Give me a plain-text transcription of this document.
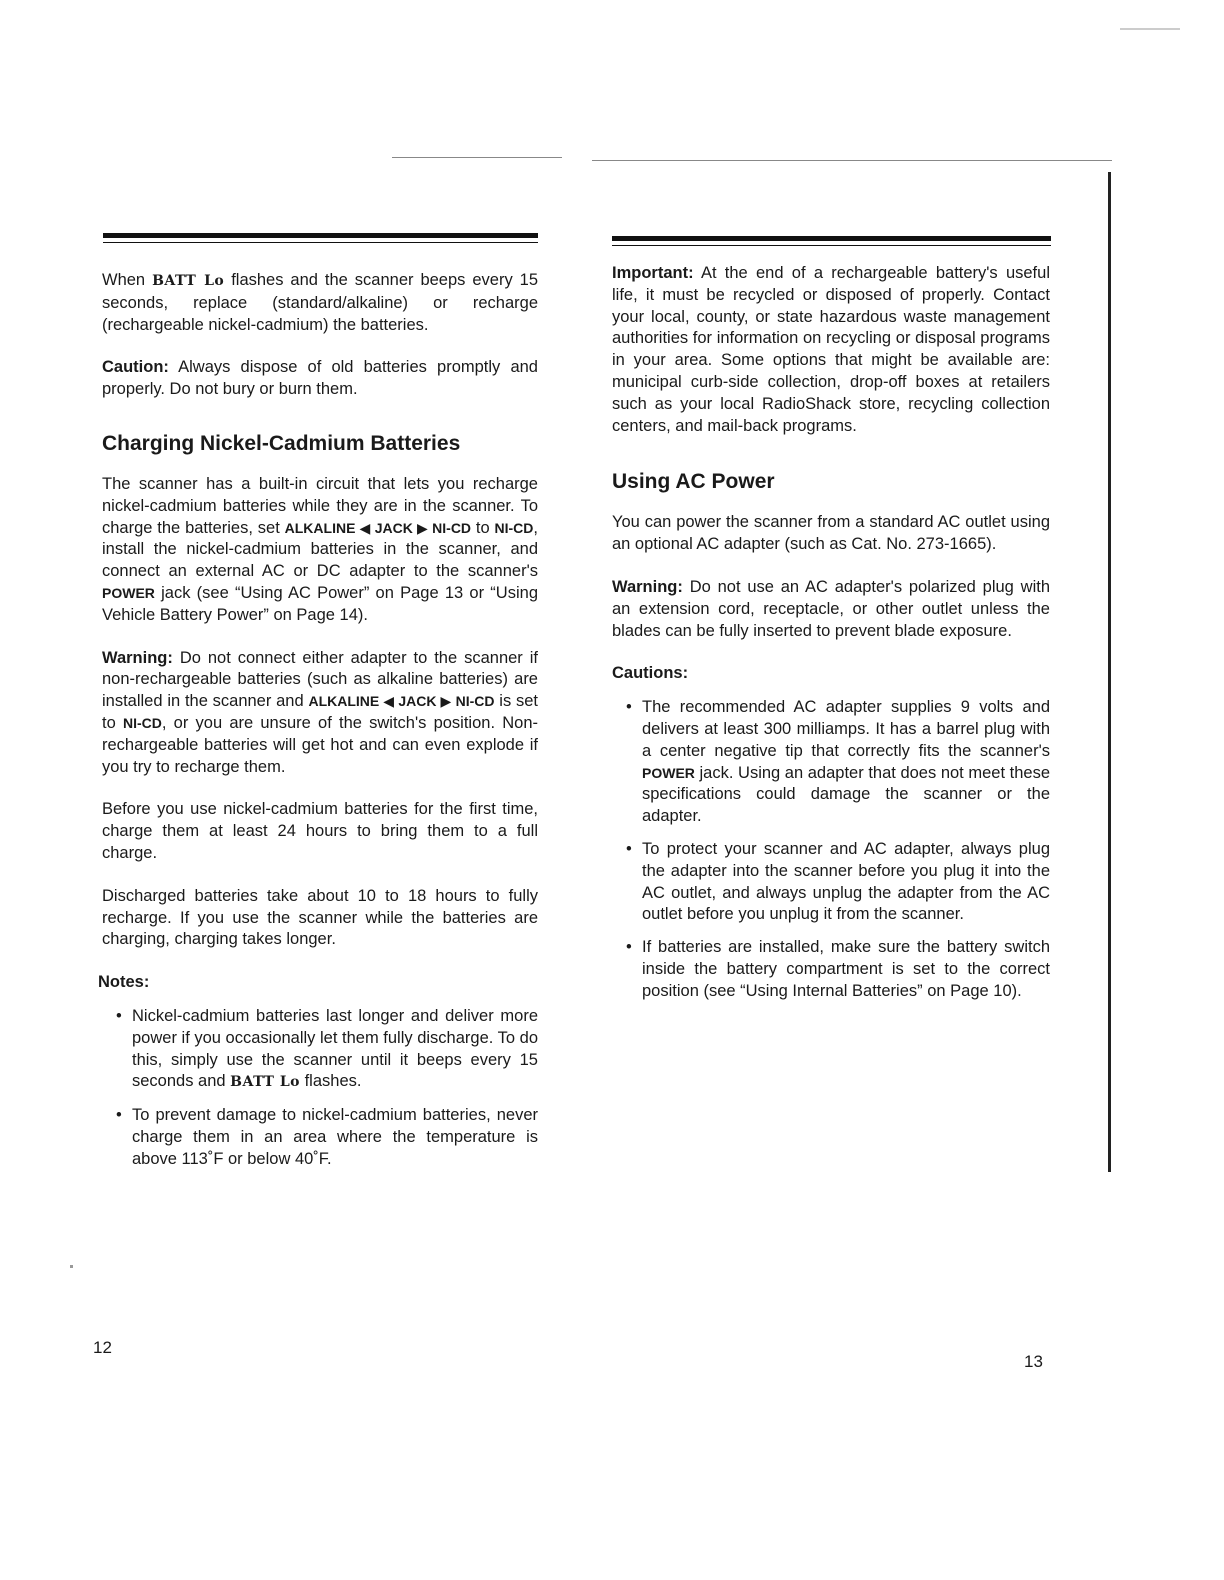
When BATT Lo flashes and the scanner beeps every 15 seconds, replace (standard/alkaline) or recharge (rechargeable nickel-cadmium) the batteries.

Caution: Always dispose of old batteries promptly and properly. Do not bury or burn them.

Charging Nickel-Cadmium Batteries

The scanner has a built-in circuit that lets you recharge nickel-cadmium batteries while they are in the scanner. To charge the batteries, set ALKALINE ◀ JACK ▶ NI-CD to NI-CD, install the nickel-cadmium batteries in the scanner, and connect an external AC or DC adapter to the scanner's POWER jack (see “Using AC Power” on Page 13 or “Using Vehicle Battery Power” on Page 14).

Warning: Do not connect either adapter to the scanner if non-rechargeable batteries (such as alkaline batteries) are installed in the scanner and ALKALINE ◀ JACK ▶ NI-CD is set to NI-CD, or you are unsure of the switch's position. Non-rechargeable batteries will get hot and can even explode if you try to recharge them.

Before you use nickel-cadmium batteries for the first time, charge them at least 24 hours to bring them to a full charge.

Discharged batteries take about 10 to 18 hours to fully recharge. If you use the scanner while the batteries are charging, charging takes longer.

Notes:
• Nickel-cadmium batteries last longer and deliver more power if you occasionally let them fully discharge. To do this, simply use the scanner until it beeps every 15 seconds and BATT Lo flashes.
• To prevent damage to nickel-cadmium batteries, never charge them in an area where the temperature is above 113˚F or below 40˚F.

Important: At the end of a rechargeable battery's useful life, it must be recycled or disposed of properly. Contact your local, county, or state hazardous waste management authorities for information on recycling or disposal programs in your area. Some options that might be available are: municipal curb-side collection, drop-off boxes at retailers such as your local RadioShack store, recycling collection centers, and mail-back programs.

Using AC Power

You can power the scanner from a standard AC outlet using an optional AC adapter (such as Cat. No. 273-1665).

Warning: Do not use an AC adapter's polarized plug with an extension cord, receptacle, or other outlet unless the blades can be fully inserted to prevent blade exposure.

Cautions:
• The recommended AC adapter supplies 9 volts and delivers at least 300 milliamps. It has a barrel plug with a center negative tip that correctly fits the scanner's POWER jack. Using an adapter that does not meet these specifications could damage the scanner or the adapter.
• To protect your scanner and AC adapter, always plug the adapter into the scanner before you plug it into the AC outlet, and always unplug the adapter from the AC outlet before you unplug it from the scanner.
• If batteries are installed, make sure the battery switch inside the battery compartment is set to the correct position (see “Using Internal Batteries” on Page 10).
12
13
